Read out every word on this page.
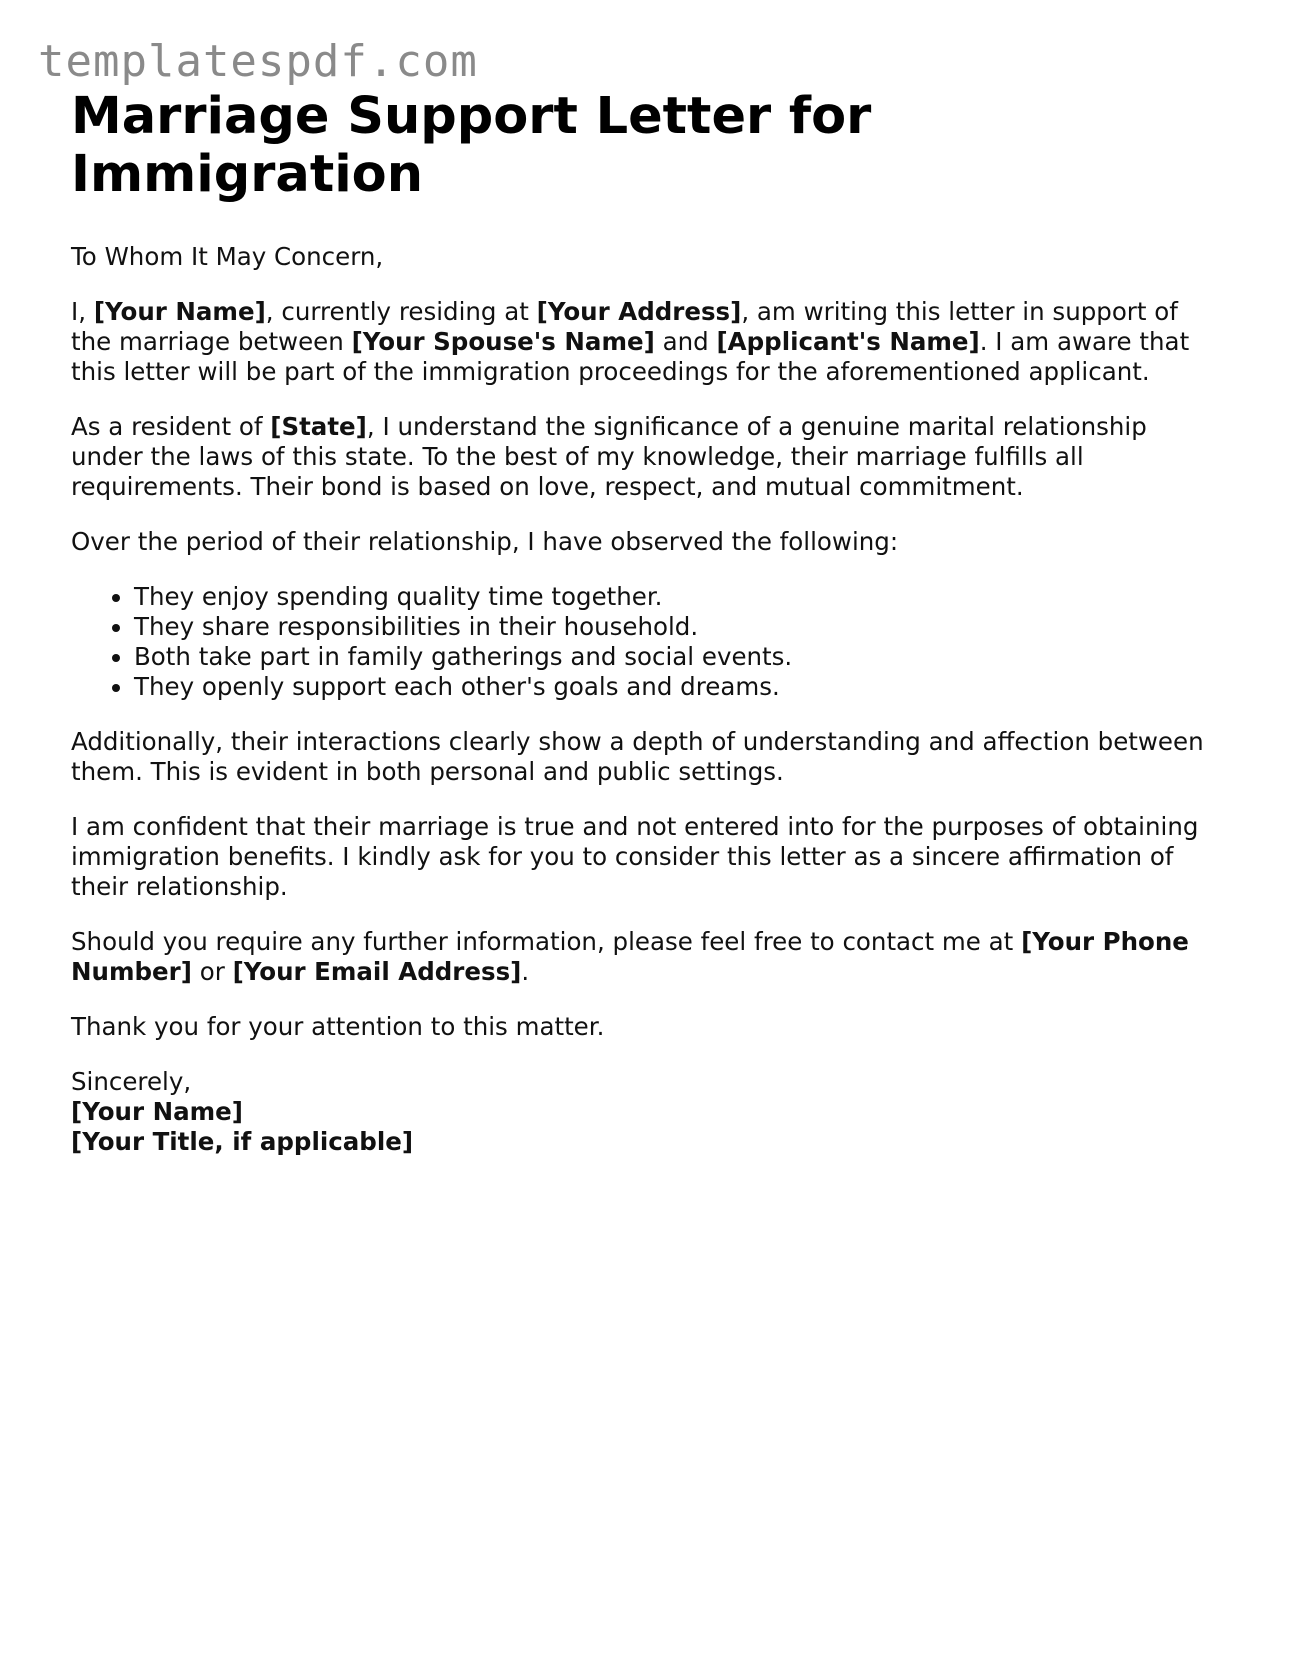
templatespdf.com
Marriage Support Letter for Immigration

To Whom It May Concern,

I, [Your Name], currently residing at [Your Address], am writing this letter in support of the marriage between [Your Spouse's Name] and [Applicant's Name]. I am aware that this letter will be part of the immigration proceedings for the aforementioned applicant.

As a resident of [State], I understand the significance of a genuine marital relationship under the laws of this state. To the best of my knowledge, their marriage fulfills all requirements. Their bond is based on love, respect, and mutual commitment.

Over the period of their relationship, I have observed the following:

• They enjoy spending quality time together.
• They share responsibilities in their household.
• Both take part in family gatherings and social events.
• They openly support each other's goals and dreams.

Additionally, their interactions clearly show a depth of understanding and affection between them. This is evident in both personal and public settings.

I am confident that their marriage is true and not entered into for the purposes of obtaining immigration benefits. I kindly ask for you to consider this letter as a sincere affirmation of their relationship.

Should you require any further information, please feel free to contact me at [Your Phone Number] or [Your Email Address].

Thank you for your attention to this matter.

Sincerely,
[Your Name]
[Your Title, if applicable]
